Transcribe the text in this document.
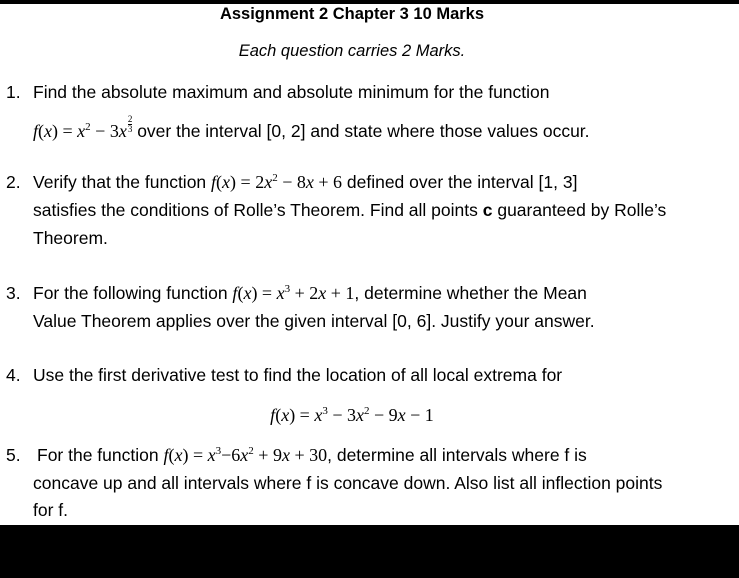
Assignment 2 Chapter 3 10 Marks
Each question carries 2 Marks.
1. Find the absolute maximum and absolute minimum for the function
$f(x) = x^2 - 3x\frac{2}{3}$ over the interval [0, 2] and state where those values occur.
2. Verify that the function $f(x) = 2x^2 - 8x + 6$ defined over the interval [1, 3]
satisfies the conditions of Rolle’s Theorem. Find all points c guaranteed by Rolle’s
Theorem.
3. For the following function $f(x) = x^3 + 2x + 1$, determine whether the Mean
Value Theorem applies over the given interval [0, 6]. Justify your answer.
4. Use the first derivative test to find the location of all local extrema for
$f(x) = x^3 - 3x^2 - 9x - 1$
5. For the function $f(x) = x^3-6x^2 + 9x + 30$, determine all intervals where f is
concave up and all intervals where f is concave down. Also list all inflection points
for f.
